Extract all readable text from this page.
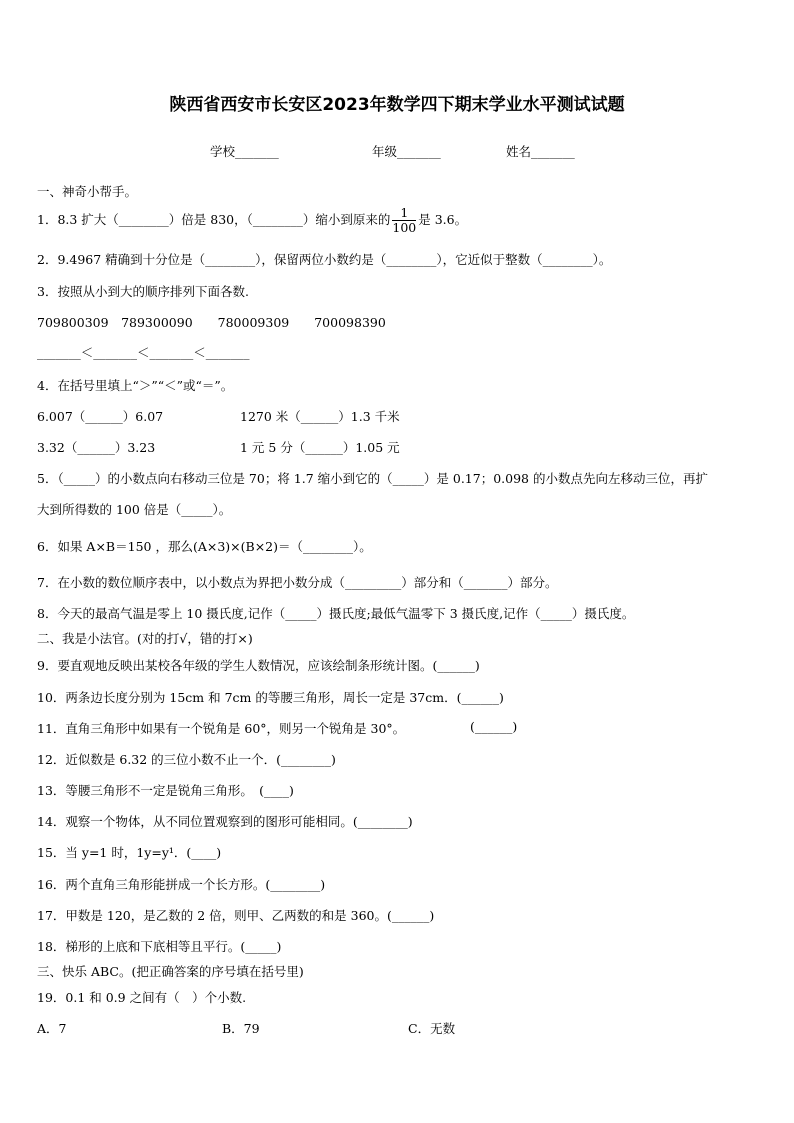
陕西省西安市长安区2023年数学四下期末学业水平测试试题
学校_______	年级_______	姓名_______
一、神奇小帮手。
1．8.3 扩大（________）倍是 830，（________）缩小到原来的 $\frac{1}{100}$ 是 3.6。
2．9.4967 精确到十分位是（________），保留两位小数约是（________），它近似于整数（________）。
3．按照从小到大的顺序排列下面各数.
709800309　789300090　　780009309　　700098390
_______＜_______＜_______＜_______
4．在括号里填上“＞”“＜”或“＝”。
6.007（______）6.07	1270 米（______）1.3 千米
3.32（______）3.23	1 元 5 分（______）1.05 元
5．（_____）的小数点向右移动三位是 70；将 1.7 缩小到它的（_____）是 0.17；0.098 的小数点先向左移动三位，再扩
大到所得数的 100 倍是（_____）。
6．如果 A×B＝150 ，那么(A×3)×(B×2)＝（________）。
7．在小数的数位顺序表中，以小数点为界把小数分成（_________）部分和（_______）部分。
8．今天的最高气温是零上 10 摄氏度,记作（_____）摄氏度;最低气温零下 3 摄氏度,记作（_____）摄氏度。
二、我是小法官。(对的打√，错的打×)
9．要直观地反映出某校各年级的学生人数情况，应该绘制条形统计图。(______)
10．两条边长度分别为 15cm 和 7cm 的等腰三角形，周长一定是 37cm．(______)
11．直角三角形中如果有一个锐角是 60°，则另一个锐角是 30°。	(______)
12．近似数是 6.32 的三位小数不止一个．(________)
13．等腰三角形不一定是锐角三角形。　(____)
14．观察一个物体，从不同位置观察到的图形可能相同。(________)
15．当 y=1 时，1y=y¹．(____)
16．两个直角三角形能拼成一个长方形。(________)
17．甲数是 120，是乙数的 2 倍，则甲、乙两数的和是 360。(______)
18．梯形的上底和下底相等且平行。(_____)
三、快乐 ABC。(把正确答案的序号填在括号里)
19．0.1 和 0.9 之间有（　）个小数.
A．7	B．79	C．无数
